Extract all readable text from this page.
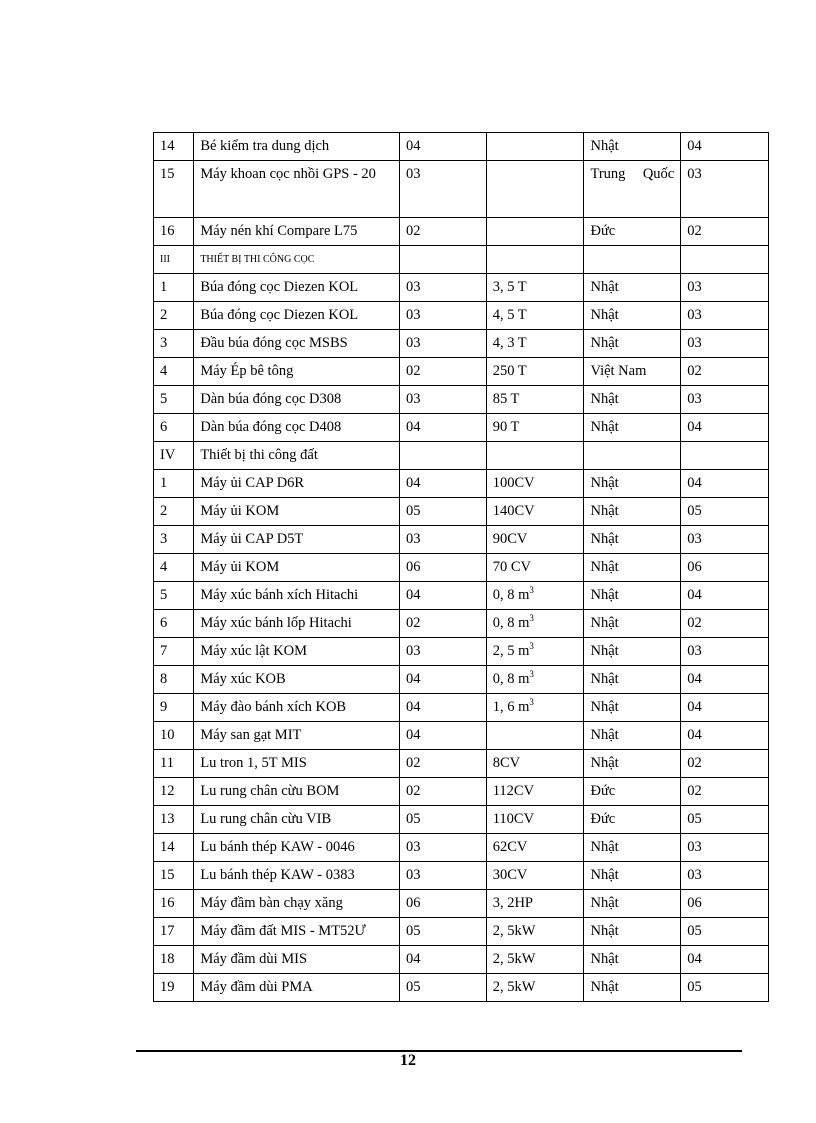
14	Bé kiểm tra dung dịch	04		Nhật	04
15	Máy khoan cọc nhồi GPS - 20	03		Trung Quốc	03
16	Máy nén khí Compare L75	02		Đức	02
III	THIẾT BỊ THI CÔNG CỌC				
1	Búa đóng cọc Diezen KOL	03	3, 5 T	Nhật	03
2	Búa đóng cọc Diezen KOL	03	4, 5 T	Nhật	03
3	Đầu búa đóng cọc MSBS	03	4, 3 T	Nhật	03
4	Máy Ép bê tông	02	250 T	Việt Nam	02
5	Dàn búa đóng cọc D308	03	85 T	Nhật	03
6	Dàn búa đóng cọc D408	04	90 T	Nhật	04
IV	Thiết bị thi công đất				
1	Máy ủi CAP D6R	04	100CV	Nhật	04
2	Máy ủi KOM	05	140CV	Nhật	05
3	Máy ủi CAP D5T	03	90CV	Nhật	03
4	Máy ủi KOM	06	70 CV	Nhật	06
5	Máy xúc bánh xích Hitachi	04	0, 8 $m^3$	Nhật	04
6	Máy xúc bánh lốp Hitachi	02	0, 8 $m^3$	Nhật	02
7	Máy xúc lật KOM	03	2, 5 $m^3$	Nhật	03
8	Máy xúc KOB	04	0, 8 $m^3$	Nhật	04
9	Máy đào bánh xích KOB	04	1, 6 $m^3$	Nhật	04
10	Máy san gạt MIT	04		Nhật	04
11	Lu tron 1, 5T MIS	02	8CV	Nhật	02
12	Lu rung chân cừu BOM	02	112CV	Đức	02
13	Lu rung chân cừu VIB	05	110CV	Đức	05
14	Lu bánh thép KAW - 0046	03	62CV	Nhật	03
15	Lu bánh thép KAW - 0383	03	30CV	Nhật	03
16	Máy đầm bàn chạy xăng	06	3, 2HP	Nhật	06
17	Máy đầm đất MIS - MT52Ư	05	2, 5kW	Nhật	05
18	Máy đầm dùi MIS	04	2, 5kW	Nhật	04
19	Máy đầm dùi PMA	05	2, 5kW	Nhật	05
12
